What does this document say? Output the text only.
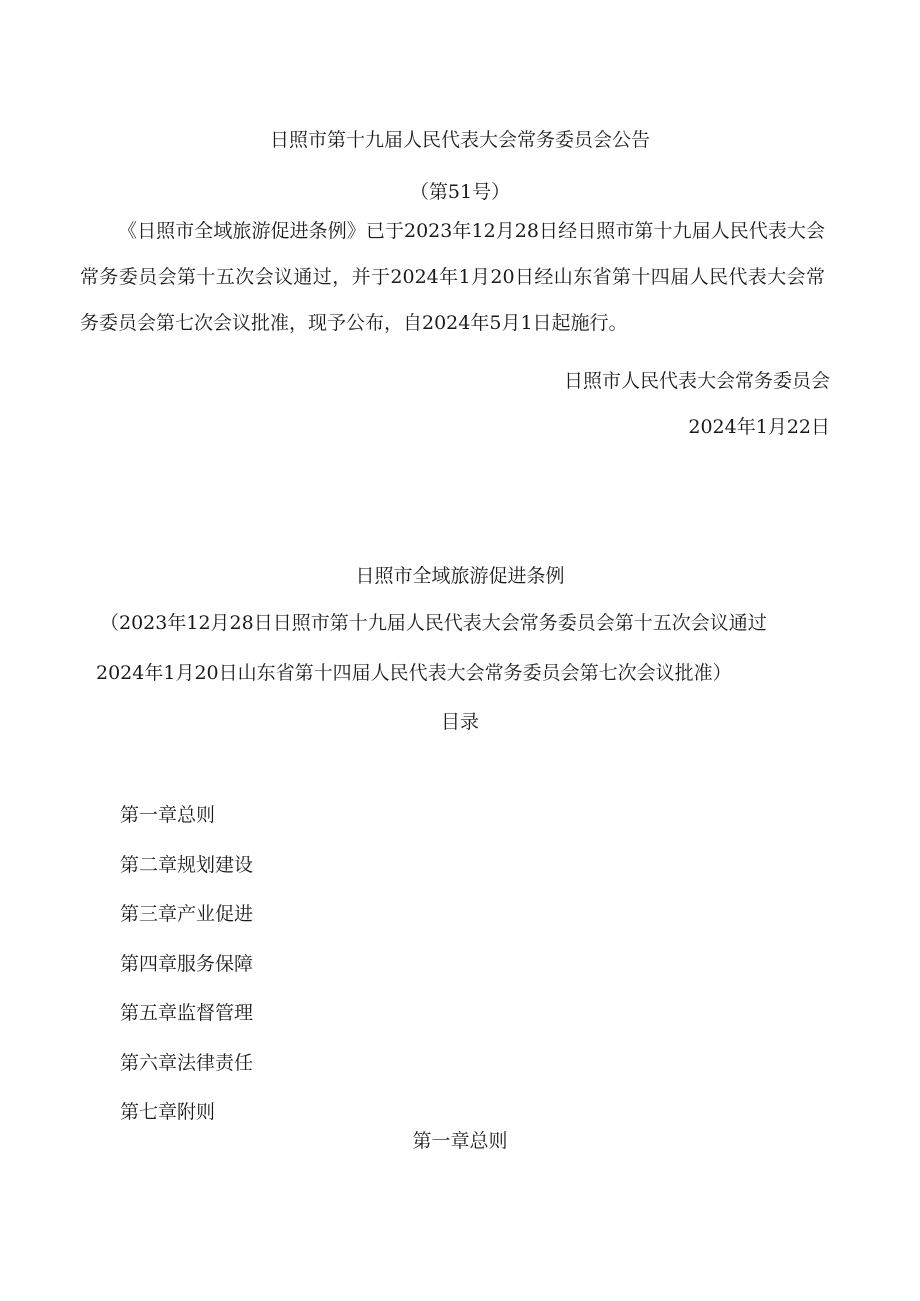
日照市第十九届人民代表大会常务委员会公告
（第51号）
《日照市全域旅游促进条例》已于2023年12月28日经日照市第十九届人民代表大会常务委员会第十五次会议通过，并于2024年1月20日经山东省第十四届人民代表大会常务委员会第七次会议批准，现予公布，自2024年5月1日起施行。
日照市人民代表大会常务委员会
2024年1月22日
日照市全域旅游促进条例
（2023年12月28日日照市第十九届人民代表大会常务委员会第十五次会议通过
2024年1月20日山东省第十四届人民代表大会常务委员会第七次会议批准）
目录
第一章总则
第二章规划建设
第三章产业促进
第四章服务保障
第五章监督管理
第六章法律责任
第七章附则
第一章总则
